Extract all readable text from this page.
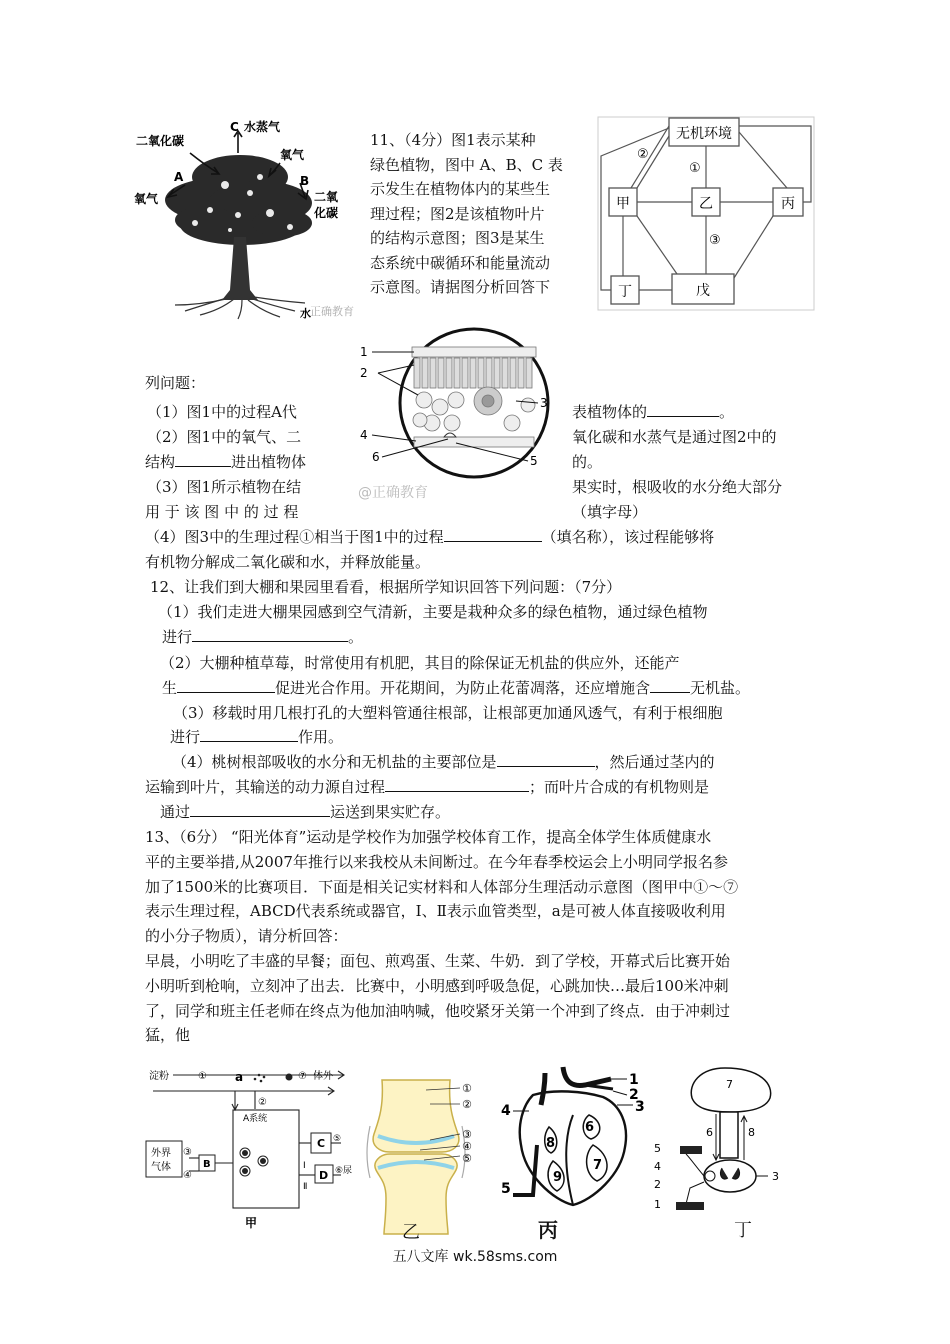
11、（4分）图1表示某种
绿色植物，图中 A、B、C 表
示发生在植物体内的某些生
理过程；图2是该植物叶片
的结构示意图；图3是某生
态系统中碳循环和能量流动
示意图。请据图分析回答下
C 水蒸气
二氧 化碳
氧气
A	B
氧气	二氧
化碳
水 正确教育
无机环境
甲	乙	丙
丁	戊
②
①
③
1
2
3
4
5
6
@正确教育
列问题：
（1）图1中的过程A代	表植物体的	。
（2）图1中的氧气、二	氧化碳和水蒸气是通过图2中的
结构	进出植物体	的。
（3）图1所示植物在结	果实时，根吸收的水分绝大部分
用 于 该 图 中 的 过 程	（填字母）
（4）图3中的生理过程①相当于图1中的过程	（填名称），该过程能够将
有机物分解成二氧化碳和水，并释放能量。
12、让我们到大棚和果园里看看，根据所学知识回答下列问题：（7分）
（1）我们走进大棚果园感到空气清新，主要是栽种众多的绿色植物，通过绿色植物
进行	。
（2）大棚种植草莓，时常使用有机肥，其目的除保证无机盐的供应外，还能产
生	促进光合作用。开花期间，为防止花蕾凋落，还应增施含	无机盐。
（3）移载时用几根打孔的大塑料管通往根部，让根部更加通风透气，有利于根细胞
进行	作用。
（4）桃树根部吸收的水分和无机盐的主要部位是	，然后通过茎内的
运输到叶片，其输送的动力源自过程	；而叶片合成的有机物则是
通过	运送到果实贮存。
13、（6分） “阳光体育”运动是学校作为加强学校体育工作，提高全体学生体质健康水
平的主要举措,从2007年推行以来我校从未间断过。在今年春季校运会上小明同学报名参
加了1500米的比赛项目．下面是相关记实材料和人体部分生理活动示意图（图甲中①～⑦
表示生理过程，ABCD代表系统或器官，Ⅰ、Ⅱ表示血管类型，a是可被人体直接吸收利用
的小分子物质），请分析回答：
早晨，小明吃了丰盛的早餐；面包、煎鸡蛋、生菜、牛奶．到了学校，开幕式后比赛开始
小明听到枪响，立刻冲了出去．比赛中，小明感到呼吸急促，心跳加快…最后100米冲刺
了，同学和班主任老师在终点为他加油呐喊，他咬紧牙关第一个冲到了终点．由于冲刺过
猛，他
淀粉	① a	⑦ 体外
②
A系统
外界
气体
③
④
B
C ⑤
D ⑥ 尿
Ⅰ
Ⅱ
甲
①
②
③
④
⑤
乙
1
2
3
4
5
6
7
8
9
丙
7
6	8
5
4
3
2
1
丁
五八文库 wk.58sms.com
